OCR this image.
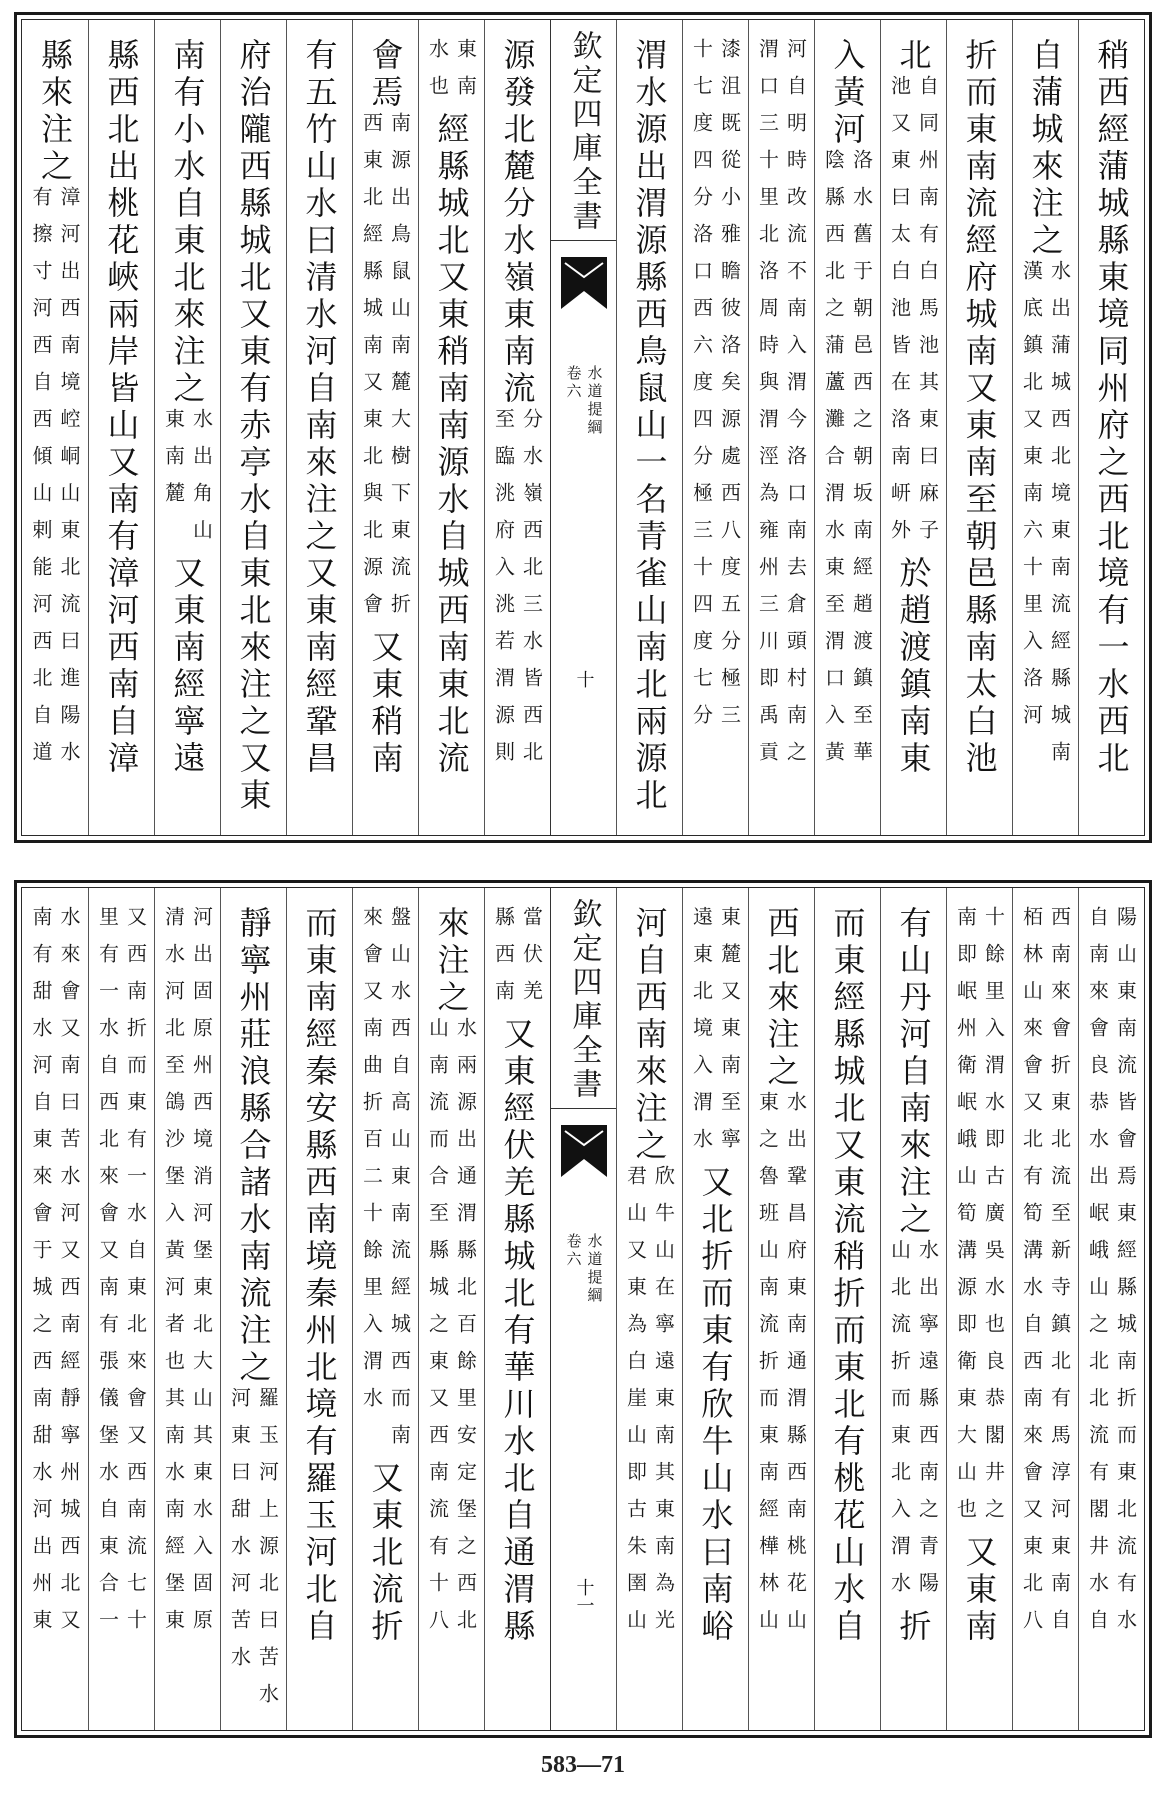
源發北麓分水嶺東南流
分水嶺西北三水皆西北
至臨洮府入洮若渭源則
東南
水也
經縣城北又東稍南南源水自城西南東北流
會焉
南源出鳥鼠山南麓大樹下東流折
西東北經縣城南又東北與北源會
又東稍南
有五竹山水曰清水河自南來注之又東南經鞏昌
府治隴西縣城北又東有赤亭水自東北來注之又東
南有小水自東北來注之
水出角山
東南麓
又東南經寧遠
縣西北出桃花峽兩岸皆山又南有漳河西南自漳
縣來注之
漳河出西南境崆峒山東北流曰進陽水
有擦寸河西自西傾山剌能河西北自道
欽定四庫全書
水道提綱
卷六
十	稍西經蒲城縣東境同州府之西北境有一水西北
自蒲城來注之
水出蒲城西北境東南流經縣城南
漢底鎮北又東南六十里入洛河
折而東南流經府城南又東南至朝邑縣南太白池
北
自同州南有白馬池其東曰麻子
池又東曰太白池皆在洛南岍外
於趙渡鎮南東
入黃河
洛水舊于朝邑西之朝坂南經趙渡鎮至華
陰縣西北之蒲蘆灘合渭水東至渭口入黃
河自明時改流不南入渭今洛口南去倉頭村南之
渭口三十里北洛周時與渭涇為雍州三川即禹貢
漆沮既從小雅瞻彼洛矣源處西八度五分極三
十七度四分洛口西六度四分極三十四度七分
渭水源出渭源縣西鳥鼠山一名青雀山南北兩源北
當伏羌
縣西南
又東經伏羌縣城北有華川水北自通渭縣
來注之
水兩源出通渭縣北百餘里安定堡之西北
山南流而合至縣城之東又西南流有十八
盤山水西自高山東南流經城西而南
來會又南曲折百二十餘里入渭水
又東北流折
而東南經秦安縣西南境秦州北境有羅玉河北自
靜寧州莊浪縣合諸水南流注之
羅玉河上源北曰苦水
河東曰甜水河苦水
河出固原州西境消河堡東北大山其東水入固原
清水河北至鴿沙堡入黃河者也其南水南經堡東
又西南折而東有一水自東北來會又西南流七十
里有一水自西北來會又南有張儀堡水自東合一
水來會又南曰苦水河又西南經靜寧州城西北又
南有甜水河自東來會于城之西南甜水河出州東	欽定四庫全書
水道提綱
卷六
十一	陽山東南流皆會焉東經縣城南折而東北流有水
自南來會良恭水出岷峨山之北北流有閣井水自
西南來會折東北流至新寺鎮北有馬淳河東南自
栢林山來會又北有筍溝水自西南來會又東北八
十餘里入渭水即古廣吳水也良恭閣井之
南即岷州衛岷峨山筍溝源即衛東大山也
又東南
有山丹河自南來注之
水出寧遠縣西南之青陽
山北流折而東北入渭水
折
而東經縣城北又東流稍折而東北有桃花山水自
西北來注之
水出鞏昌府東南通渭縣西南桃花山
東之魯班山南流折而東南經樺林山
東麓又東南至寧
遠東北境入渭水
又北折而東有欣牛山水曰南峪
河自西南來注之
欣牛山在寧遠東南其東南為光
君山又東為白崖山即古朱圉山
583—71
